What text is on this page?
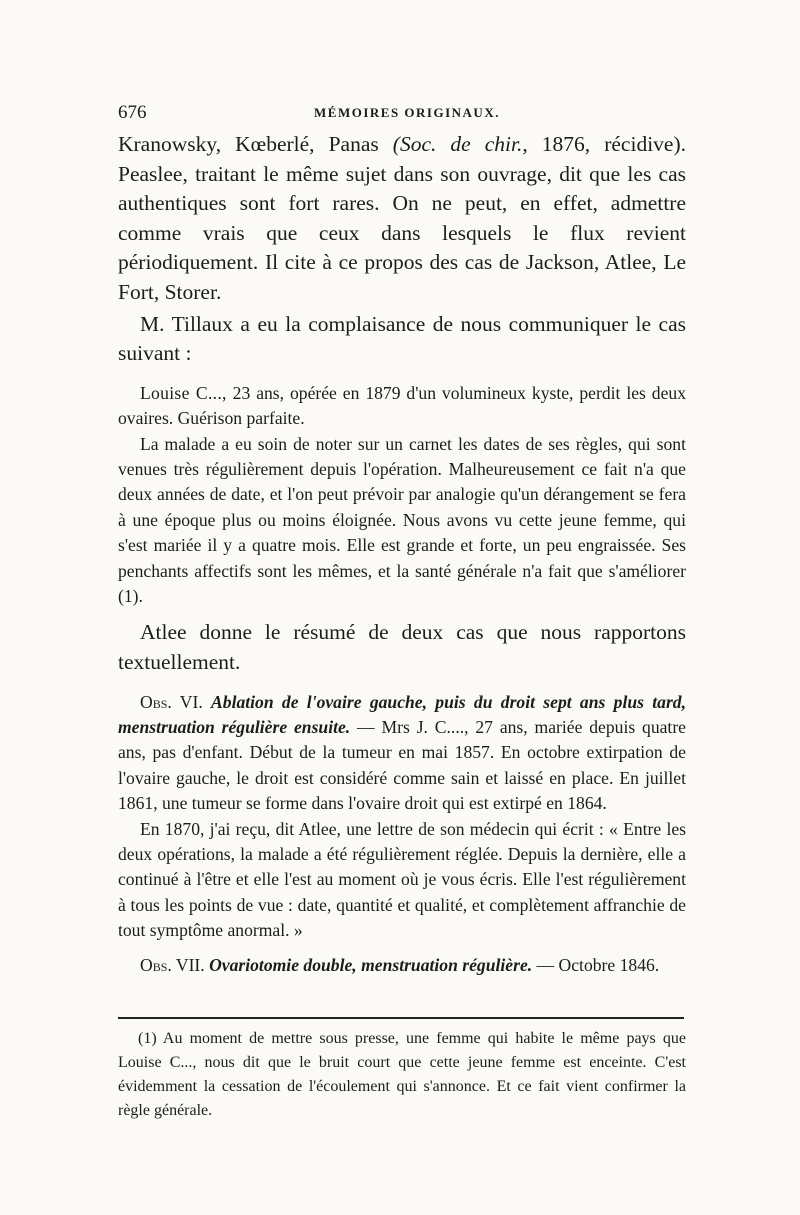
676	MÉMOIRES ORIGINAUX.

Kranowsky, Kœberlé, Panas (Soc. de chir., 1876, récidive). Peaslee, traitant le même sujet dans son ouvrage, dit que les cas authentiques sont fort rares. On ne peut, en effet, admettre comme vrais que ceux dans lesquels le flux revient périodiquement. Il cite à ce propos des cas de Jackson, Atlee, Le Fort, Storer.

M. Tillaux a eu la complaisance de nous communiquer le cas suivant :

Louise C..., 23 ans, opérée en 1879 d'un volumineux kyste, perdit les deux ovaires. Guérison parfaite.

La malade a eu soin de noter sur un carnet les dates de ses règles, qui sont venues très régulièrement depuis l'opération. Malheureusement ce fait n'a que deux années de date, et l'on peut prévoir par analogie qu'un dérangement se fera à une époque plus ou moins éloignée. Nous avons vu cette jeune femme, qui s'est mariée il y a quatre mois. Elle est grande et forte, un peu engraissée. Ses penchants affectifs sont les mêmes, et la santé générale n'a fait que s'améliorer (1).

Atlee donne le résumé de deux cas que nous rapportons textuellement.

Obs. VI. Ablation de l'ovaire gauche, puis du droit sept ans plus tard, menstruation régulière ensuite. — Mrs J. C...., 27 ans, mariée depuis quatre ans, pas d'enfant. Début de la tumeur en mai 1857. En octobre extirpation de l'ovaire gauche, le droit est considéré comme sain et laissé en place. En juillet 1861, une tumeur se forme dans l'ovaire droit qui est extirpé en 1864.

En 1870, j'ai reçu, dit Atlee, une lettre de son médecin qui écrit : « Entre les deux opérations, la malade a été régulièrement réglée. Depuis la dernière, elle a continué à l'être et elle l'est au moment où je vous écris. Elle l'est régulièrement à tous les points de vue : date, quantité et qualité, et complètement affranchie de tout symptôme anormal. »

Obs. VII. Ovariotomie double, menstruation régulière. — Octobre 1846.

(1) Au moment de mettre sous presse, une femme qui habite le même pays que Louise C..., nous dit que le bruit court que cette jeune femme est enceinte. C'est évidemment la cessation de l'écoulement qui s'annonce. Et ce fait vient confirmer la règle générale.
